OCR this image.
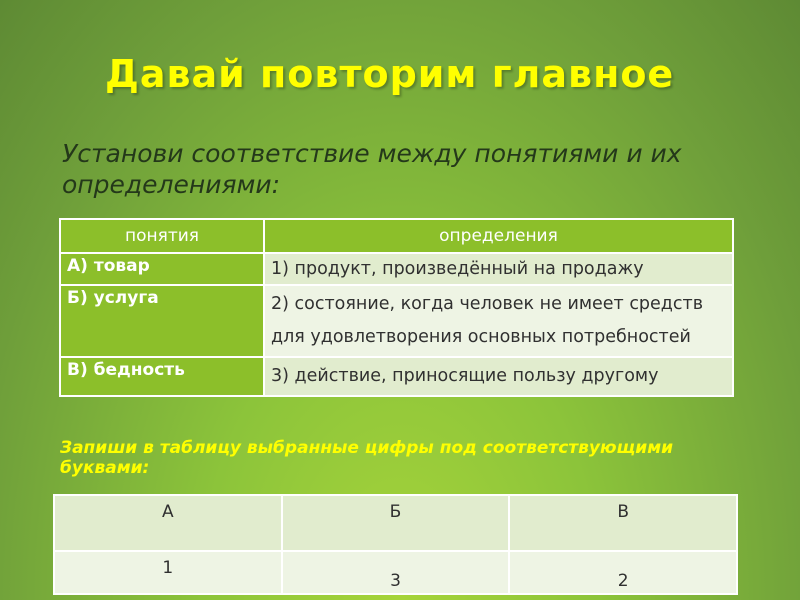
Давай повторим главное
Установи соответствие между понятиями и их определениями:
понятия	определения
А) товар	1) продукт, произведённый на продажу
Б) услуга	2) состояние, когда человек не имеет средств для удовлетворения основных потребностей
В) бедность	3) действие, приносящие пользу другому
Запиши в таблицу выбранные цифры под соответствующими буквами:
А	Б	В
1	3	2
